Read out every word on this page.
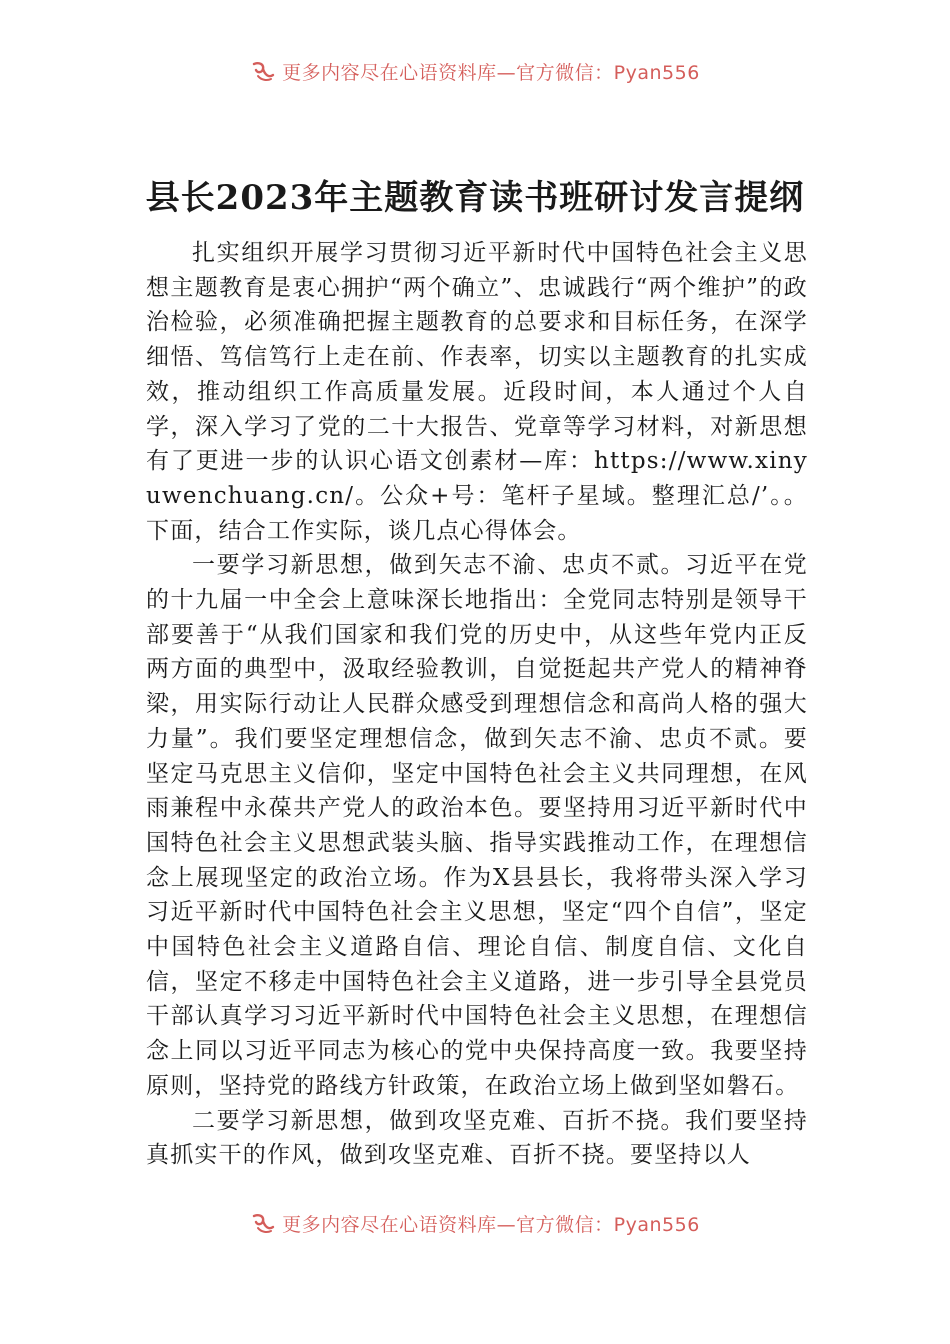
更多内容尽在心语资料库—官方微信：Pyan556
县长2023年主题教育读书班研讨发言提纲

扎实组织开展学习贯彻习近平新时代中国特色社会主义思想主题教育是衷心拥护“两个确立”、忠诚践行“两个维护”的政治检验，必须准确把握主题教育的总要求和目标任务，在深学细悟、笃信笃行上走在前、作表率，切实以主题教育的扎实成效，推动组织工作高质量发展。近段时间，本人通过个人自学，深入学习了党的二十大报告、党章等学习材料，对新思想有了更进一步的认识心语文创素材—库：https://www.xinyuwenchuang.cn/。公众+号：笔杆子星域。整理汇总/’。。下面，结合工作实际，谈几点心得体会。

一要学习新思想，做到矢志不渝、忠贞不贰。习近平在党的十九届一中全会上意味深长地指出：全党同志特别是领导干部要善于“从我们国家和我们党的历史中，从这些年党内正反两方面的典型中，汲取经验教训，自觉挺起共产党人的精神脊梁，用实际行动让人民群众感受到理想信念和高尚人格的强大力量”。我们要坚定理想信念，做到矢志不渝、忠贞不贰。要坚定马克思主义信仰，坚定中国特色社会主义共同理想，在风雨兼程中永葆共产党人的政治本色。要坚持用习近平新时代中国特色社会主义思想武装头脑、指导实践推动工作，在理想信念上展现坚定的政治立场。作为X县县长，我将带头深入学习习近平新时代中国特色社会主义思想，坚定“四个自信”，坚定中国特色社会主义道路自信、理论自信、制度自信、文化自信，坚定不移走中国特色社会主义道路，进一步引导全县党员干部认真学习习近平新时代中国特色社会主义思想，在理想信念上同以习近平同志为核心的党中央保持高度一致。我要坚持原则，坚持党的路线方针政策，在政治立场上做到坚如磐石。

二要学习新思想，做到攻坚克难、百折不挠。我们要坚持真抓实干的作风，做到攻坚克难、百折不挠。要坚持以人

更多内容尽在心语资料库—官方微信：Pyan556
